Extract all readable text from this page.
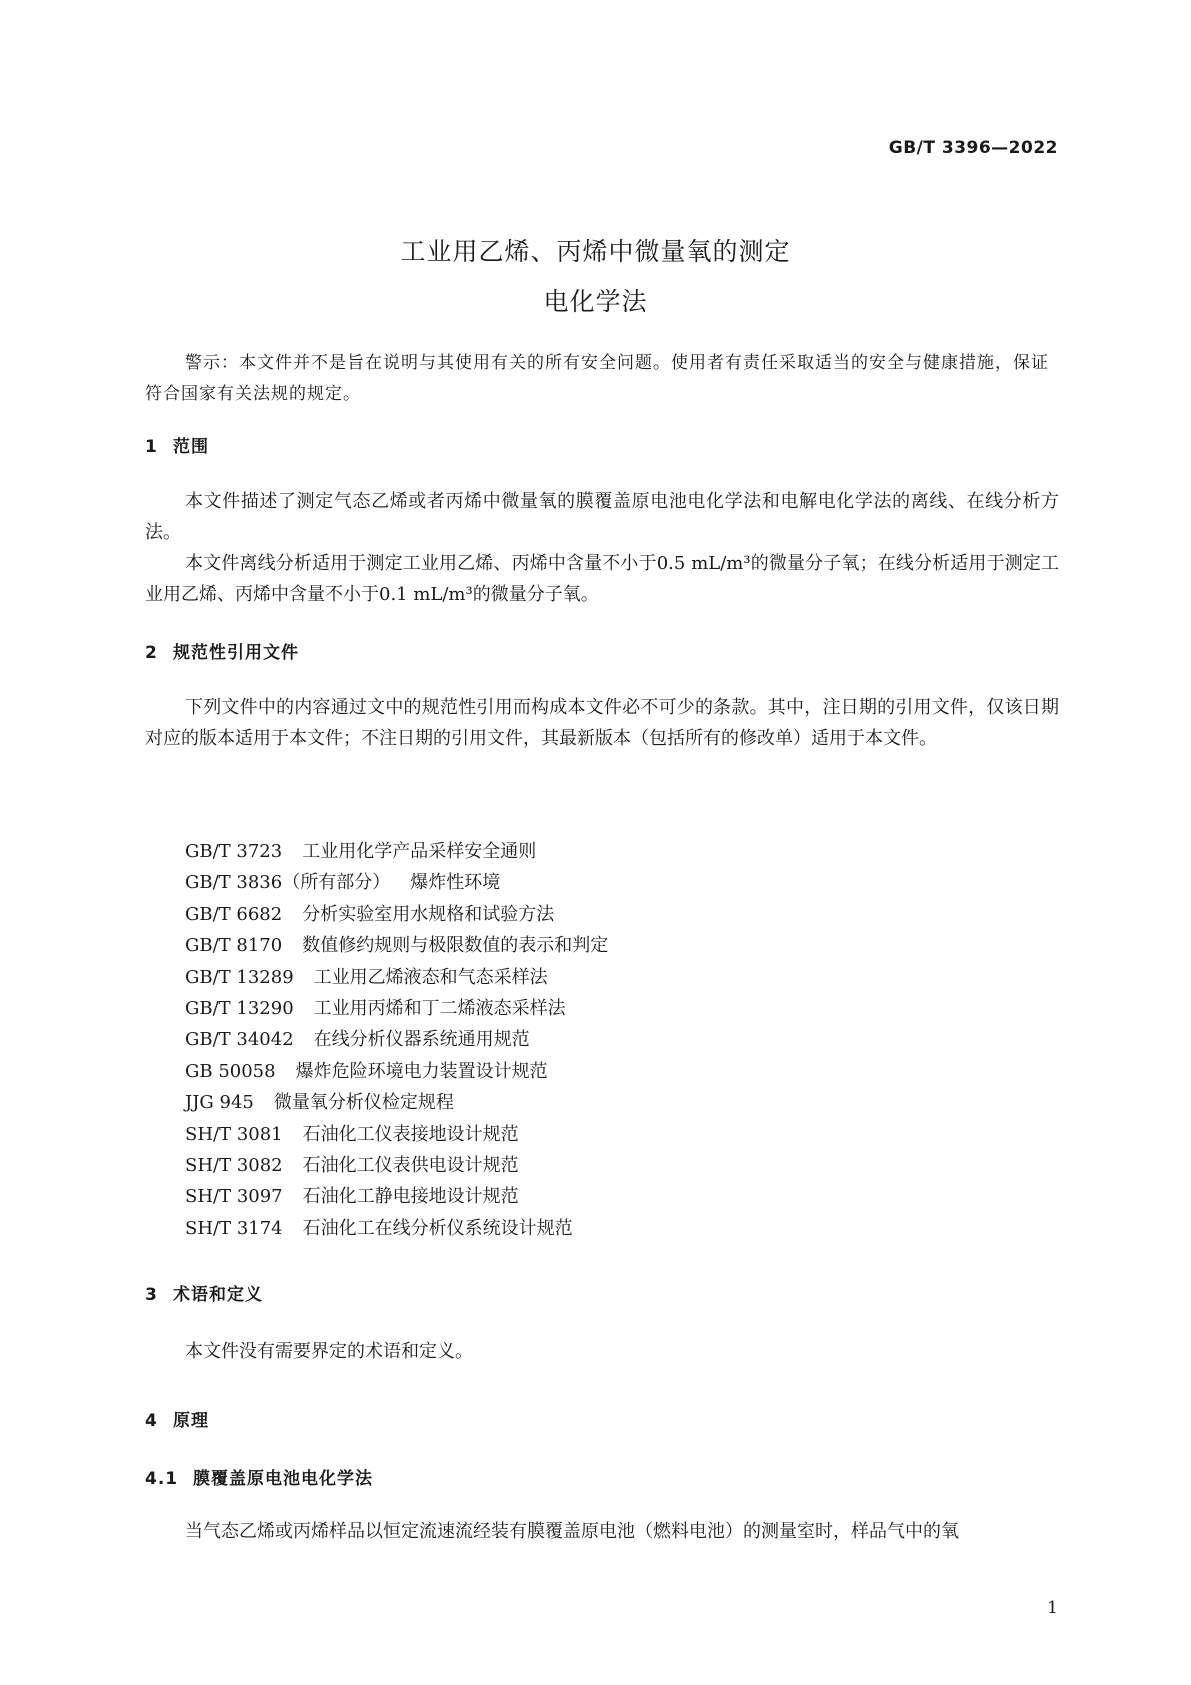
GB/T 3396—2022
工业用乙烯、丙烯中微量氧的测定
电化学法

警示：本文件并不是旨在说明与其使用有关的所有安全问题。使用者有责任采取适当的安全与健康措施，保证符合国家有关法规的规定。

1 范围

本文件描述了测定气态乙烯或者丙烯中微量氧的膜覆盖原电池电化学法和电解电化学法的离线、在线分析方法。

本文件离线分析适用于测定工业用乙烯、丙烯中含量不小于0.5 mL/m³的微量分子氧；在线分析适用于测定工业用乙烯、丙烯中含量不小于0.1 mL/m³的微量分子氧。

2 规范性引用文件

下列文件中的内容通过文中的规范性引用而构成本文件必不可少的条款。其中，注日期的引用文件，仅该日期对应的版本适用于本文件；不注日期的引用文件，其最新版本（包括所有的修改单）适用于本文件。

GB/T 3723 工业用化学产品采样安全通则
GB/T 3836（所有部分） 爆炸性环境
GB/T 6682 分析实验室用水规格和试验方法
GB/T 8170 数值修约规则与极限数值的表示和判定
GB/T 13289 工业用乙烯液态和气态采样法
GB/T 13290 工业用丙烯和丁二烯液态采样法
GB/T 34042 在线分析仪器系统通用规范
GB 50058 爆炸危险环境电力装置设计规范
JJG 945 微量氧分析仪检定规程
SH/T 3081 石油化工仪表接地设计规范
SH/T 3082 石油化工仪表供电设计规范
SH/T 3097 石油化工静电接地设计规范
SH/T 3174 石油化工在线分析仪系统设计规范
3 术语和定义

本文件没有需要界定的术语和定义。

4 原理
4.1 膜覆盖原电池电化学法

当气态乙烯或丙烯样品以恒定流速流经装有膜覆盖原电池（燃料电池）的测量室时，样品气中的氧

1
